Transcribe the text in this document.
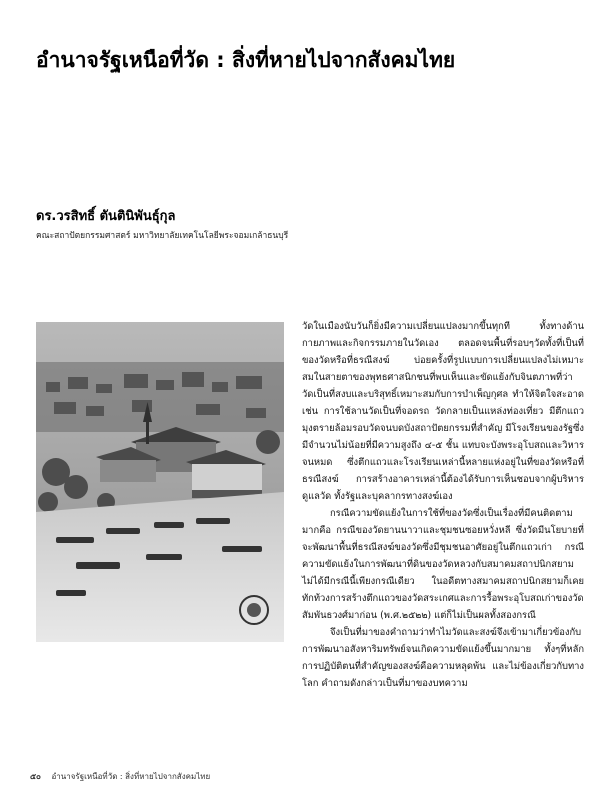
อำนาจรัฐเหนือที่วัด : สิ่งที่หายไปจากสังคมไทย
ดร.วรสิทธิ์ ตันตินิพันธุ์กุล
คณะสถาปัตยกรรมศาสตร์ มหาวิทยาลัยเทคโนโลยีพระจอมเกล้าธนบุรี

วัดในเมืองนับวันก็ยิ่งมีความเปลี่ยนแปลงมากขึ้นทุกที ทั้งทางด้านกายภาพและกิจกรรมภายในวัดเอง ตลอดจนพื้นที่รอบๆวัดทั้งที่เป็นที่ของวัดหรือที่ธรณีสงฆ์ บ่อยครั้งที่รูปแบบการเปลี่ยนแปลงไม่เหมาะสมในสายตาของพุทธศาสนิกชนที่พบเห็นและขัดแย้งกับจินตภาพที่ว่าวัดเป็นที่สงบและบริสุทธิ์เหมาะสมกับการบำเพ็ญกุศล ทำให้จิตใจสะอาด เช่น การใช้ลานวัดเป็นที่จอดรถ วัดกลายเป็นแหล่งท่องเที่ยว มีตึกแถวมุงตรายล้อมรอบวัดจนบดบังสถาปัตยกรรมที่สำคัญ มีโรงเรียนของรัฐซึ่งมีจำนวนไม่น้อยที่มีความสูงถึง ๔-๕ ชั้น แทบจะบังพระอุโบสถและวิหารจนหมด ซึ่งตึกแถวและโรงเรียนเหล่านี้หลายแห่งอยู่ในที่ของวัดหรือที่ธรณีสงฆ์ การสร้างอาคารเหล่านี้ต้องได้รับการเห็นชอบจากผู้บริหารดูแลวัด ทั้งรัฐและบุคลากรทางสงฆ์เอง

กรณีความขัดแย้งในการใช้ที่ของวัดซึ่งเป็นเรื่องที่มีคนติดตามมากคือ กรณีของวัดยานนาวาและชุมชนซอยหวั่งหลี ซึ่งวัดมีนโยบายที่จะพัฒนาพื้นที่ธรณีสงฆ์ของวัดซึ่งมีชุมชนอาศัยอยู่ในตึกแถวเก่า กรณีความขัดแย้งในการพัฒนาที่ดินของวัดหลวงกับสมาคมสถาปนิกสยามไม่ได้มีกรณีนี้เพียงกรณีเดียว ในอดีตทางสมาคมสถาปนิกสยามก็เคยทักท้วงการสร้างตึกแถวของวัดสระเกศและการรื้อพระอุโบสถเก่าของวัดสัมพันธวงศ์มาก่อน (พ.ศ.๒๕๒๒) แต่ก็ไม่เป็นผลทั้งสองกรณี

จึงเป็นที่มาของคำถามว่าทำไมวัดและสงฆ์จึงเข้ามาเกี่ยวข้องกับการพัฒนาอสังหาริมทรัพย์จนเกิดความขัดแย้งขึ้นมากมาย ทั้งๆที่หลักการปฏิบัติตนที่สำคัญของสงฆ์คือความหลุดพ้น และไม่ข้องเกี่ยวกับทางโลก คำถามดังกล่าวเป็นที่มาของบทความ

๕๐ อำนาจรัฐเหนือที่วัด : สิ่งที่หายไปจากสังคมไทย
